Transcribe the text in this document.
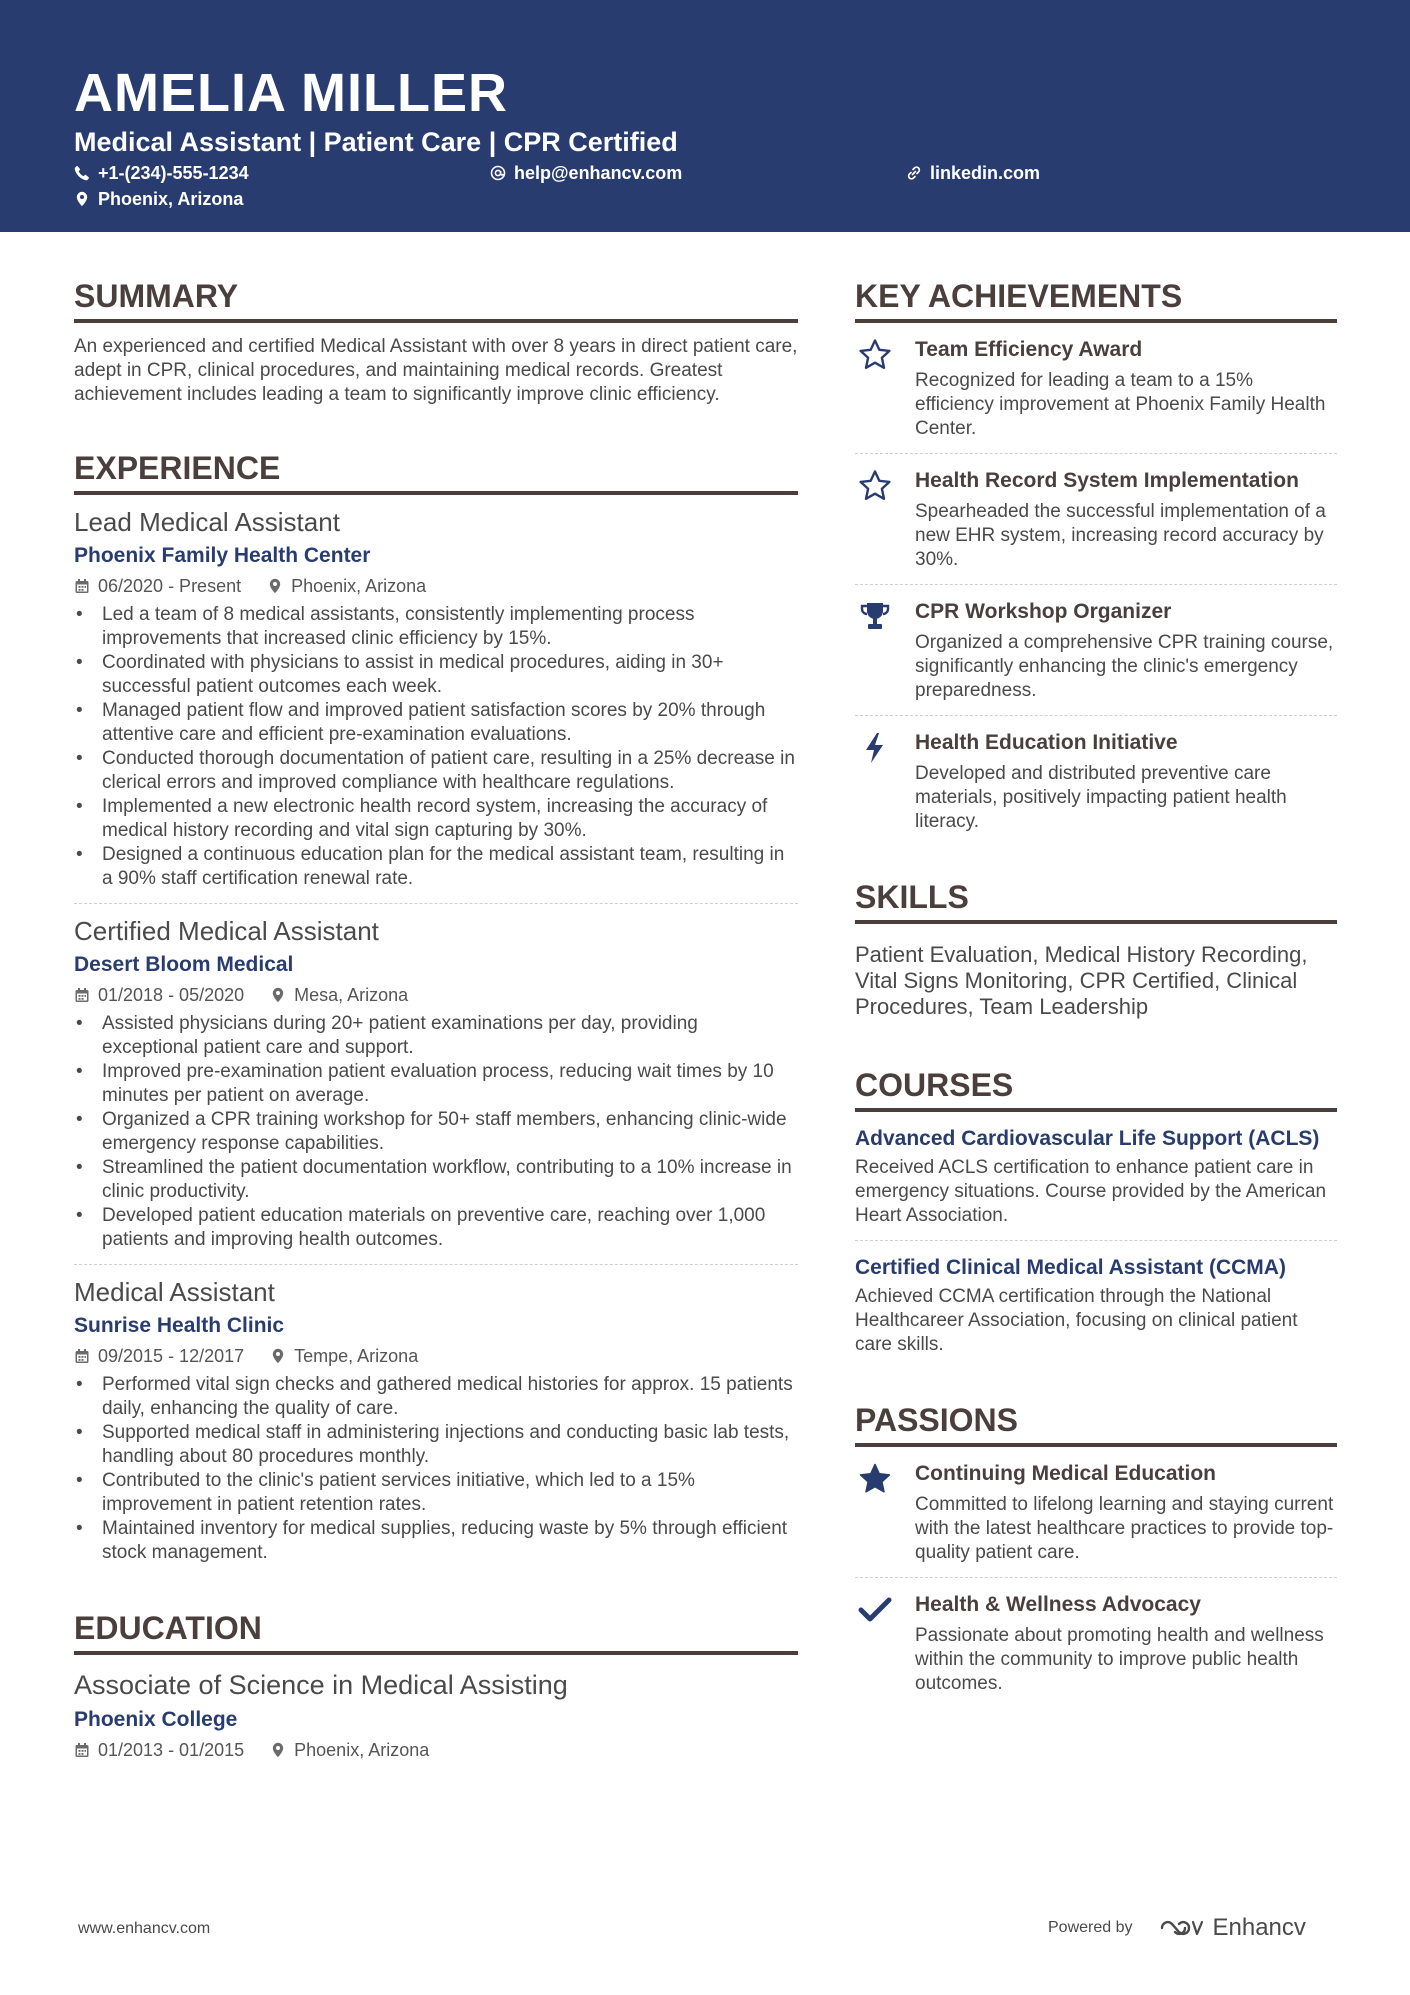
AMELIA MILLER
Medical Assistant | Patient Care | CPR Certified
+1-(234)-555-1234	help@enhancv.com	linkedin.com
Phoenix, Arizona
SUMMARY
An experienced and certified Medical Assistant with over 8 years in direct patient care, adept in CPR, clinical procedures, and maintaining medical records. Greatest achievement includes leading a team to significantly improve clinic efficiency.
EXPERIENCE
Lead Medical Assistant
Phoenix Family Health Center
06/2020 - Present	Phoenix, Arizona
• Led a team of 8 medical assistants, consistently implementing process improvements that increased clinic efficiency by 15%.
• Coordinated with physicians to assist in medical procedures, aiding in 30+ successful patient outcomes each week.
• Managed patient flow and improved patient satisfaction scores by 20% through attentive care and efficient pre-examination evaluations.
• Conducted thorough documentation of patient care, resulting in a 25% decrease in clerical errors and improved compliance with healthcare regulations.
• Implemented a new electronic health record system, increasing the accuracy of medical history recording and vital sign capturing by 30%.
• Designed a continuous education plan for the medical assistant team, resulting in a 90% staff certification renewal rate.
Certified Medical Assistant
Desert Bloom Medical
01/2018 - 05/2020	Mesa, Arizona
• Assisted physicians during 20+ patient examinations per day, providing exceptional patient care and support.
• Improved pre-examination patient evaluation process, reducing wait times by 10 minutes per patient on average.
• Organized a CPR training workshop for 50+ staff members, enhancing clinic-wide emergency response capabilities.
• Streamlined the patient documentation workflow, contributing to a 10% increase in clinic productivity.
• Developed patient education materials on preventive care, reaching over 1,000 patients and improving health outcomes.
Medical Assistant
Sunrise Health Clinic
09/2015 - 12/2017	Tempe, Arizona
• Performed vital sign checks and gathered medical histories for approx. 15 patients daily, enhancing the quality of care.
• Supported medical staff in administering injections and conducting basic lab tests, handling about 80 procedures monthly.
• Contributed to the clinic's patient services initiative, which led to a 15% improvement in patient retention rates.
• Maintained inventory for medical supplies, reducing waste by 5% through efficient stock management.
EDUCATION
Associate of Science in Medical Assisting
Phoenix College
01/2013 - 01/2015	Phoenix, Arizona
KEY ACHIEVEMENTS
Team Efficiency Award
Recognized for leading a team to a 15% efficiency improvement at Phoenix Family Health Center.
Health Record System Implementation
Spearheaded the successful implementation of a new EHR system, increasing record accuracy by 30%.
CPR Workshop Organizer
Organized a comprehensive CPR training course, significantly enhancing the clinic's emergency preparedness.
Health Education Initiative
Developed and distributed preventive care materials, positively impacting patient health literacy.
SKILLS
Patient Evaluation, Medical History Recording, Vital Signs Monitoring, CPR Certified, Clinical Procedures, Team Leadership
COURSES
Advanced Cardiovascular Life Support (ACLS)
Received ACLS certification to enhance patient care in emergency situations. Course provided by the American Heart Association.
Certified Clinical Medical Assistant (CCMA)
Achieved CCMA certification through the National Healthcareer Association, focusing on clinical patient care skills.
PASSIONS
Continuing Medical Education
Committed to lifelong learning and staying current with the latest healthcare practices to provide top-quality patient care.
Health & Wellness Advocacy
Passionate about promoting health and wellness within the community to improve public health outcomes.
www.enhancv.com	Powered by	Enhancv
